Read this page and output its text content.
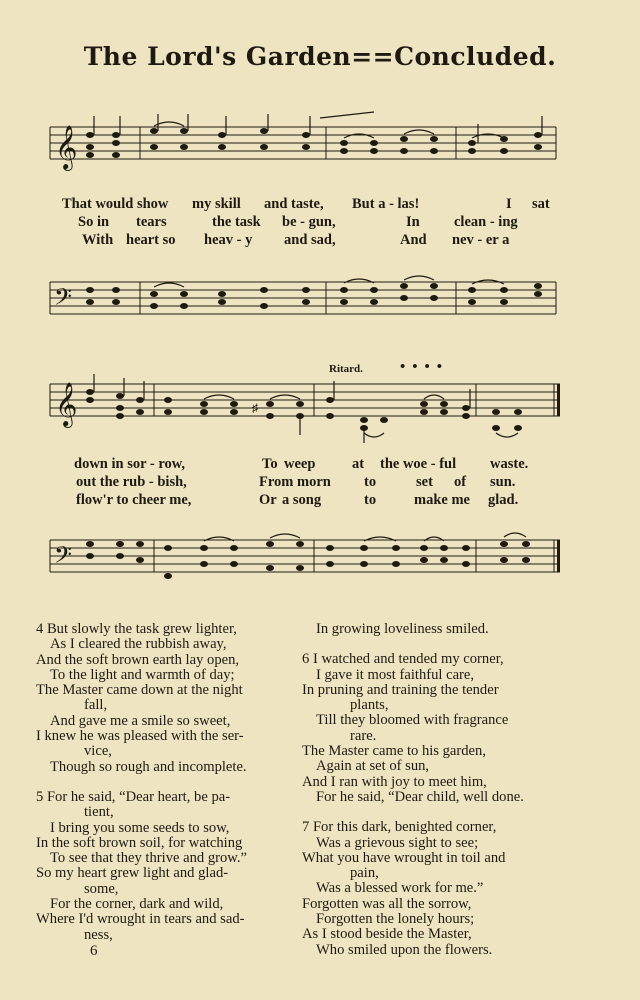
The Lord's Garden==Concluded.
𝄞
That would show my skill and taste, But a - las!	I sat
So in tears	the task be - gun,	In clean - ing
With heart so heav - y and sad,	And nev - er a
𝄢
Ritard. ••••
𝄞	♯
down in sor - row,	To weep	at the woe - ful waste.
out the rub - bish,	From morn to	set of sun.
flow'r to cheer me,	Or a song	to	make me glad.
𝄢
4 But slowly the task grew lighter,
As I cleared the rubbish away,
And the soft brown earth lay open,
To the light and warmth of day;
The Master came down at the night
fall,
And gave me a smile so sweet,
I knew he was pleased with the ser-
vice,
Though so rough and incomplete.
5 For he said, “Dear heart, be pa-
tient,
I bring you some seeds to sow,
In the soft brown soil, for watching
To see that they thrive and grow.”
So my heart grew light and glad-
some,
For the corner, dark and wild,
Where I'd wrought in tears and sad-
ness,
In growing loveliness smiled.
6 I watched and tended my corner,
I gave it most faithful care,
In pruning and training the tender
plants,
Till they bloomed with fragrance
rare.
The Master came to his garden,
Again at set of sun,
And I ran with joy to meet him,
For he said, “Dear child, well done.
7 For this dark, benighted corner,
Was a grievous sight to see;
What you have wrought in toil and
pain,
Was a blessed work for me.”
Forgotten was all the sorrow,
Forgotten the lonely hours;
As I stood beside the Master,
Who smiled upon the flowers.
6
